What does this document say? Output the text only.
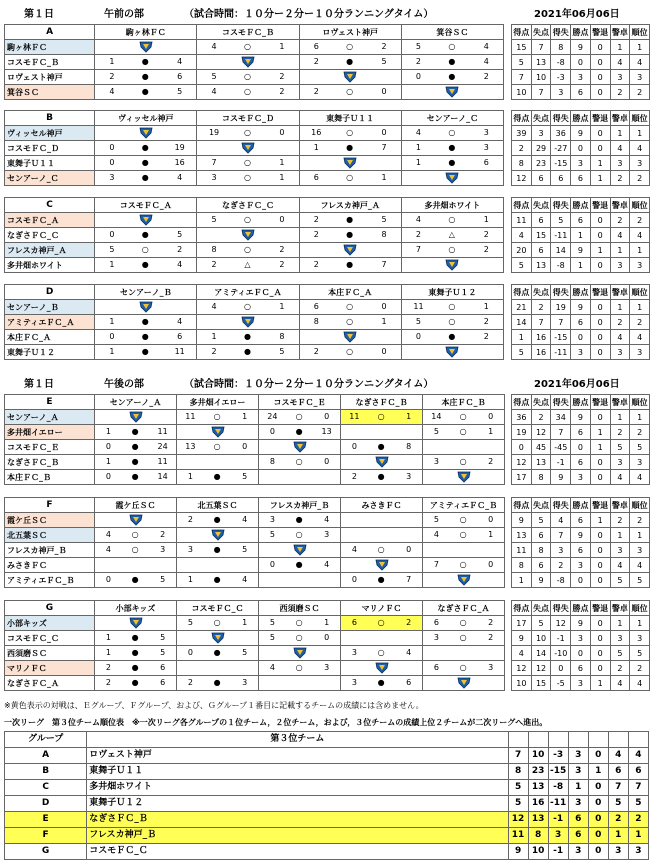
第１日	午前の部	（試合時間：１０分ー２分ー１０分ランニングタイム）	2021年06月06日
A	駒ヶ林ＦＣ	コスモＦＣ_Ｂ	ロヴェスト神戸	箕谷ＳＣ
駒ヶ林ＦＣ		4 ○ 1	6 ○ 2	5 ○ 4

コスモＦＣ_Ｂ	1 ● 4		2 ● 5	2 ● 4

ロヴェスト神戸	2 ● 6	5 ○ 2		0 ● 2

箕谷ＳＣ	4 ● 5	4 ○ 2	2 ○ 0

得点	失点	得失	勝点	警退	警卓	順位
15	7	8	9	0	1	1
5	13	-8	0	0	4	4
7	10	-3	3	0	3	3
10	7	3	6	0	2	2
B	ヴィッセル神戸	コスモＦＣ_Ｄ	東舞子Ｕ１１	センアーノ_Ｃ
ヴィッセル神戸		19 ○ 0	16 ○ 0	4 ○ 3

コスモＦＣ_Ｄ	0 ● 19		1 ● 7	1 ● 3

東舞子Ｕ１１	0 ● 16	7 ○ 1		1 ● 6

センアーノ_Ｃ	3 ● 4	3 ○ 1	6 ○ 1

得点	失点	得失	勝点	警退	警卓	順位
39	3	36	9	0	1	1
2	29	-27	0	0	4	4
8	23	-15	3	1	3	3
12	6	6	6	1	2	2
C	コスモＦＣ_Ａ	なぎさＦＣ_Ｃ	フレスカ神戸_Ａ	多井畑ホワイト
コスモＦＣ_Ａ		5 ○ 0	2 ● 5	4 ○ 1

なぎさＦＣ_Ｃ	0 ● 5		2 ● 8	2 △ 2

フレスカ神戸_Ａ	5 ○ 2	8 ○ 2		7 ○ 2

多井畑ホワイト	1 ● 4	2 △ 2	2 ● 7

得点	失点	得失	勝点	警退	警卓	順位
11	6	5	6	0	2	2
4	15	-11	1	0	4	4
20	6	14	9	1	1	1
5	13	-8	1	0	3	3
D	センアーノ_Ｂ	アミティエＦＣ_Ａ	本庄ＦＣ_Ａ	東舞子Ｕ１２
センアーノ_Ｂ		4 ○ 1	6 ○ 0	11 ○ 1

アミティエＦＣ_Ａ	1 ● 4		8 ○ 1	5 ○ 2

本庄ＦＣ_Ａ	0 ● 6	1 ● 8		0 ● 2

東舞子Ｕ１２	1 ● 11	2 ● 5	2 ○ 0

得点	失点	得失	勝点	警退	警卓	順位
21	2	19	9	0	1	1
14	7	7	6	0	2	2
1	16	-15	0	0	4	4
5	16	-11	3	0	3	3
第１日	午後の部	（試合時間：１０分ー２分ー１０分ランニングタイム）	2021年06月06日
E	センアーノ_Ａ	多井畑イエロー	コスモＦＣ_Ｅ	なぎさＦＣ_Ｂ	本庄ＦＣ_Ｂ
センアーノ_Ａ		11 ○ 1	24 ○ 0	11 ○ 1	14 ○ 0

多井畑イエロー	1 ● 11		0 ● 13		5 ○ 1

コスモＦＣ_Ｅ	0 ● 24	13 ○ 0		0 ● 8	

なぎさＦＣ_Ｂ	1 ● 11		8 ○ 0		3 ○ 2

本庄ＦＣ_Ｂ	0 ● 14	1 ● 5		2 ● 3

得点	失点	得失	勝点	警退	警卓	順位
36	2	34	9	0	1	1
19	12	7	6	1	2	2
0	45	-45	0	1	5	5
12	13	-1	6	0	3	3
17	8	9	3	0	4	4
F	霞ケ丘ＳＣ	北五葉ＳＣ	フレスカ神戸_Ｂ	みさきＦＣ	アミティエＦＣ_Ｂ
霞ケ丘ＳＣ		2 ● 4	3 ● 4		5 ○ 0

北五葉ＳＣ	4 ○ 2		5 ○ 3		4 ○ 1

フレスカ神戸_Ｂ	4 ○ 3	3 ● 5		4 ○ 0	

みさきＦＣ			0 ● 4		7 ○ 0

アミティエＦＣ_Ｂ	0 ● 5	1 ● 4		0 ● 7

得点	失点	得失	勝点	警退	警卓	順位
9	5	4	6	1	2	2
13	6	7	9	0	1	1
11	8	3	6	0	3	3
8	6	2	3	0	4	4
1	9	-8	0	0	5	5
G	小部キッズ	コスモＦＣ_Ｃ	西須磨ＳＣ	マリノＦＣ	なぎさＦＣ_Ａ
小部キッズ		5 ○ 1	5 ○ 1	6 ○ 2	6 ○ 2

コスモＦＣ_Ｃ	1 ● 5		5 ○ 0		3 ○ 2

西須磨ＳＣ	1 ● 5	0 ● 5		3 ○ 4	

マリノＦＣ	2 ● 6		4 ○ 3		6 ○ 3

なぎさＦＣ_Ａ	2 ● 6	2 ● 3		3 ● 6

得点	失点	得失	勝点	警退	警卓	順位
17	5	12	9	0	1	1
9	10	-1	3	0	3	3
4	14	-10	0	0	5	5
12	12	0	6	0	2	2
10	15	-5	3	1	4	4
※黄色表示の対戦は、Ｅグループ、Ｆグループ、および、Ｇグループ１番目に記載するチームの成績には含めません。
一次リーグ　第３位チーム順位表　※一次リーグ各グループの１位チーム，２位チーム，および，３位チームの成績上位２チームが二次リーグへ進出。
グループ	第３位チーム							
A	ロヴェスト神戸	7	10	-3	3	0	4	4
B	東舞子Ｕ１１	8	23	-15	3	1	6	6
C	多井畑ホワイト	5	13	-8	1	0	7	7
D	東舞子Ｕ１２	5	16	-11	3	0	5	5
E	なぎさＦＣ_Ｂ	12	13	-1	6	0	2	2
F	フレスカ神戸_Ｂ	11	8	3	6	0	1	1
G	コスモＦＣ_Ｃ	9	10	-1	3	0	3	3
